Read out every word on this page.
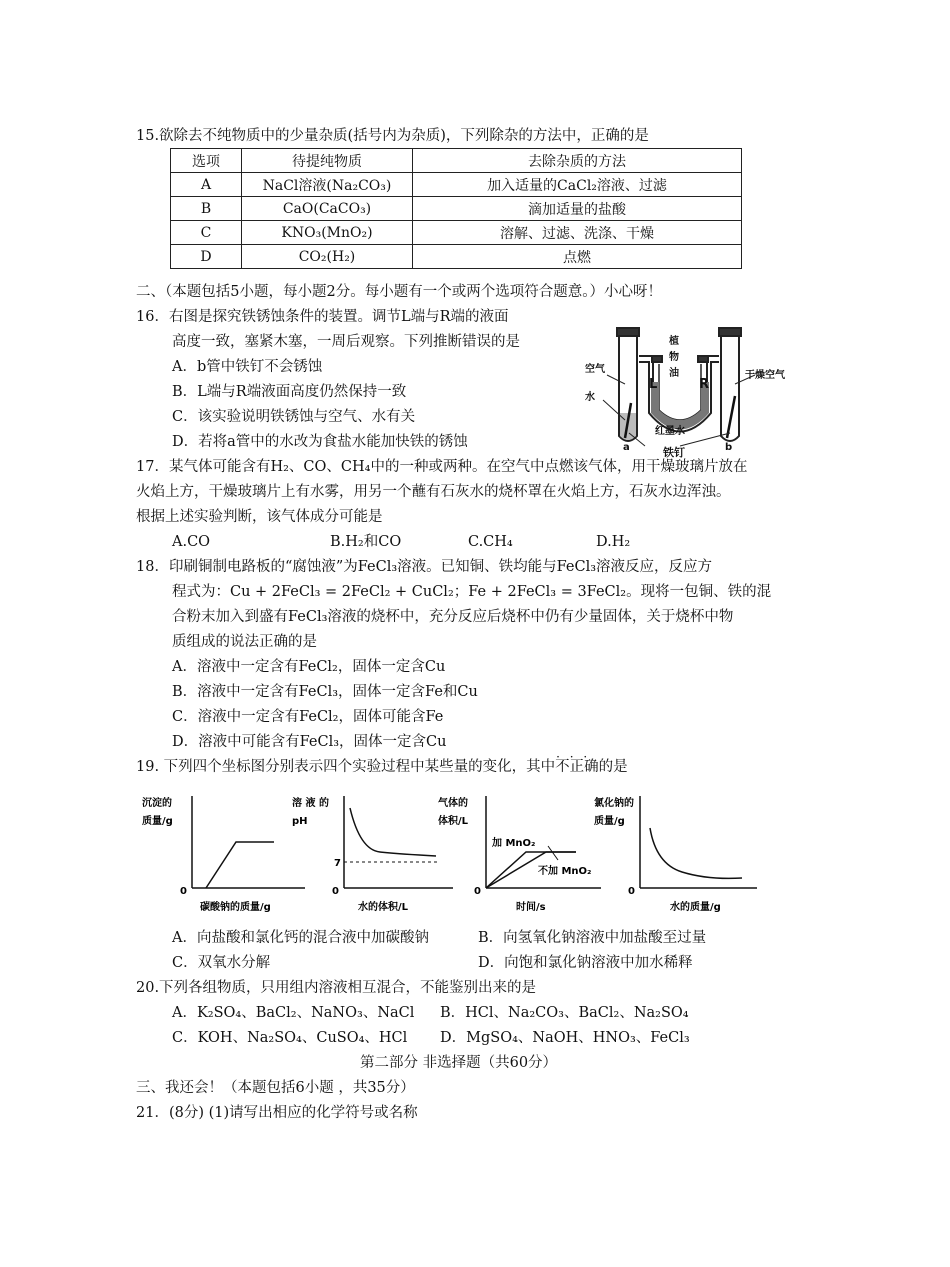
15.欲除去不纯物质中的少量杂质(括号内为杂质)，下列除杂的方法中，正确的是
选项	待提纯物质	去除杂质的方法
A	NaCl溶液(Na₂CO₃)	加入适量的CaCl₂溶液、过滤
B	CaO(CaCO₃)	滴加适量的盐酸
C	KNO₃(MnO₂)	溶解、过滤、洗涤、干燥
D	CO₂(H₂)	点燃
二、（本题包括5小题，每小题2分。每小题有一个或两个选项符合题意。）小心呀！
16．右图是探究铁锈蚀条件的装置。调节L端与R端的液面
高度一致，塞紧木塞，一周后观察。下列推断错误的是
A．b管中铁钉不会锈蚀
B．L端与R端液面高度仍然保持一致
C．该实验说明铁锈蚀与空气、水有关
D．若将a管中的水改为食盐水能加快铁的锈蚀
空气
水
植
物
油
L	R
干燥空气
红墨水
铁钉
a	b
17．某气体可能含有H₂、CO、CH₄中的一种或两种。在空气中点燃该气体，用干燥玻璃片放在
火焰上方，干燥玻璃片上有水雾，用另一个蘸有石灰水的烧杯罩在火焰上方，石灰水边浑浊。
根据上述实验判断，该气体成分可能是
A.CO	B.H₂和CO	C.CH₄	D.H₂
18．印刷铜制电路板的“腐蚀液”为FeCl₃溶液。已知铜、铁均能与FeCl₃溶液反应，反应方
程式为：Cu + 2FeCl₃ = 2FeCl₂ + CuCl₂；Fe + 2FeCl₃ = 3FeCl₂。现将一包铜、铁的混
合粉末加入到盛有FeCl₃溶液的烧杯中，充分反应后烧杯中仍有少量固体，关于烧杯中物
质组成的说法正确的是
A．溶液中一定含有FeCl₂，固体一定含Cu
B．溶液中一定含有FeCl₃，固体一定含Fe和Cu
C．溶液中一定含有FeCl₂，固体可能含Fe
D．溶液中可能含有FeCl₃，固体一定含Cu
19. 下列四个坐标图分别表示四个实验过程中某些量的变化，其中不正确 · · ·的是
沉淀的
质量/g
0
碳酸钠的质量/g
溶 液 的
pH
0
7
水的体积/L
气体的
体积/L
0
加 MnO₂
不加 MnO₂
时间/s
氯化钠的
质量/g
0
水的质量/g
A．向盐酸和氯化钙的混合液中加碳酸钠	B．向氢氧化钠溶液中加盐酸至过量
C．双氧水分解	D．向饱和氯化钠溶液中加水稀释
20.下列各组物质，只用组内溶液相互混合，不能鉴别出来的是
A．K₂SO₄、BaCl₂、NaNO₃、NaCl B．HCl、Na₂CO₃、BaCl₂、Na₂SO₄
C．KOH、Na₂SO₄、CuSO₄、HCl D．MgSO₄、NaOH、HNO₃、FeCl₃
第二部分 非选择题（共60分）
三、我还会！（本题包括6小题 ，共35分）
21．(8分) (1)请写出相应的化学符号或名称
